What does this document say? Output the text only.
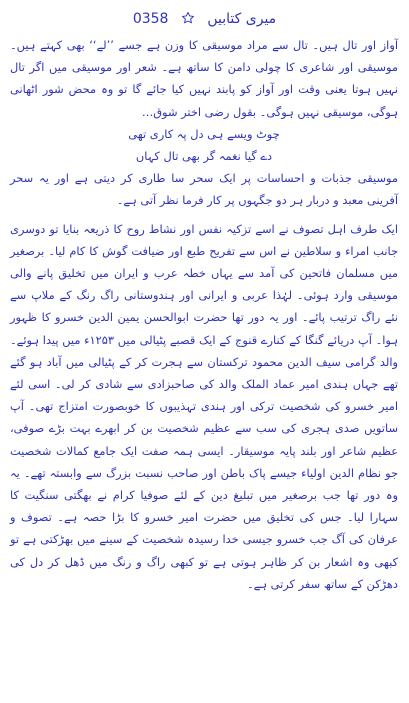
میری کتابیں  0358

آواز اور تال ہیں۔ تال سے مراد موسیقی کا وزن ہے جسے ’’لے‘‘ بھی کہتے ہیں۔ موسیقی اور شاعری کا چولی دامن کا ساتھ ہے۔ شعر اور موسیقی میں اگر تال نہیں ہوتا یعنی وقت اور آواز کو پابند نہیں کیا جائے گا تو وہ محض شور اٹھانی ہوگی، موسیقی نہیں ہوگی۔ بقول رضی اختر شوق…

چوٹ ویسے ہی دل پہ کاری تھی

دے گیا نغمہ گر بھی تال کہاں

موسیقی جذبات و احساسات پر ایک سحر سا طاری کر دیتی ہے اور یہ سحر آفرینی معبد و دربار ہر دو جگہوں پر کار فرما نظر آتی ہے۔

ایک طرف اہل تصوف نے اسے تزکیہ نفس اور نشاط روح کا ذریعہ بنایا تو دوسری جانب امراء و سلاطین نے اس سے تفریح طبع اور ضیافت گوش کا کام لیا۔ برصغیر میں مسلمان فاتحین کی آمد سے یہاں خطہ عرب و ایران میں تخلیق پانے والی موسیقی وارد ہوئی۔ لہٰذا عربی و ایرانی اور ہندوستانی راگ رنگ کے ملاپ سے نئے راگ ترتیب پائے۔ اور یہ دور تھا حضرت ابوالحسن یمین الدین خسرو کا ظہور ہوا۔ آپ دریائے گنگا کے کنارے قنوج کے ایک قصبے پٹیالی میں ۱۲۵۳ء میں پیدا ہوئے۔ والد گرامی سیف الدین محمود ترکستان سے ہجرت کر کے پٹیالی میں آباد ہو گئے تھے جہاں ہندی امیر عماد الملک والد کی صاحبزادی سے شادی کر لی۔ اسی لئے امیر خسرو کی شخصیت ترکی اور ہندی تہذیبوں کا خوبصورت امتزاج تھی۔ آپ ساتویں صدی ہجری کی سب سے عظیم شخصیت بن کر ابھرے بہت بڑے صوفی، عظیم شاعر اور بلند پایہ موسیقار۔ ایسی ہمہ صفت ایک جامع کمالات شخصیت جو نظام الدین اولیاء جیسے پاک باطن اور صاحب نسبت بزرگ سے وابستہ تھے۔ یہ وہ دور تھا جب برصغیر میں تبلیغ دین کے لئے صوفیا کرام نے بھگتی سنگیت کا سہارا لیا۔ جس کی تخلیق میں حضرت امیر خسرو کا بڑا حصہ ہے۔ تصوف و عرفان کی آگ جب خسرو جیسی خدا رسیدہ شخصیت کے سینے میں بھڑکتی ہے تو کبھی وہ اشعار بن کر ظاہر ہوتی ہے تو کبھی راگ و رنگ میں ڈھل کر دل کی دھڑکن کے ساتھ سفر کرتی ہے۔
